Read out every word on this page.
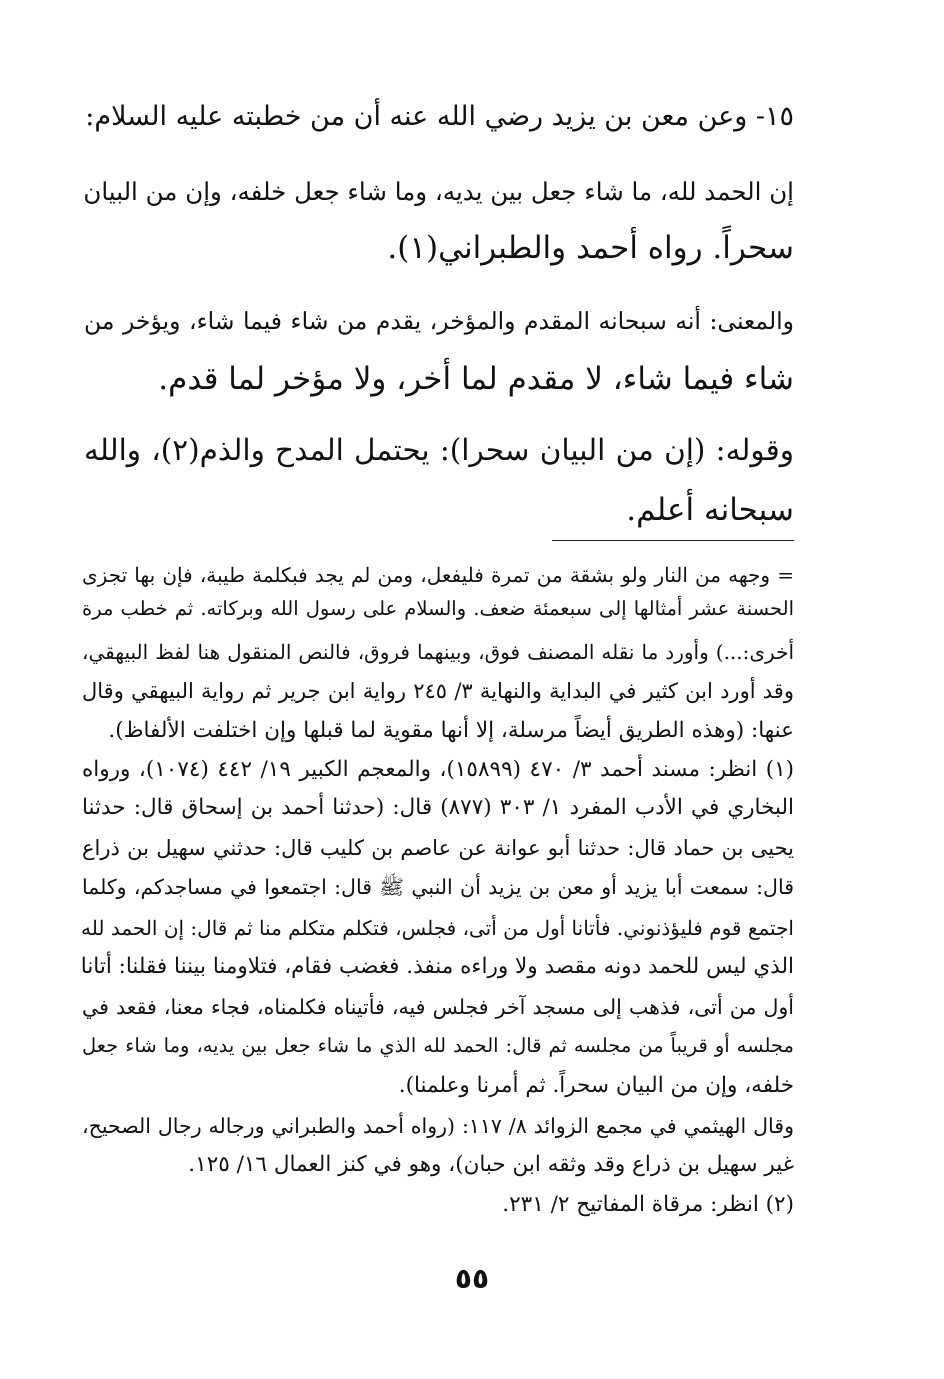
١٥- وعن معن بن يزيد رضي الله عنه أن من خطبته عليه السلام:
إن الحمد لله، ما شاء جعل بين يديه، وما شاء جعل خلفه، وإن من البيان
سحراً. رواه أحمد والطبراني(١).
والمعنى: أنه سبحانه المقدم والمؤخر، يقدم من شاء فيما شاء، ويؤخر من
شاء فيما شاء، لا مقدم لما أخر، ولا مؤخر لما قدم.
وقوله: (إن من البيان سحرا): يحتمل المدح والذم(٢)، والله
سبحانه أعلم.
= وجهه من النار ولو بشقة من تمرة فليفعل، ومن لم يجد فبكلمة طيبة، فإن بها تجزى
الحسنة عشر أمثالها إلى سبعمئة ضعف. والسلام على رسول الله وبركاته. ثم خطب مرة
أخرى:...) وأورد ما نقله المصنف فوق، وبينهما فروق، فالنص المنقول هنا لفظ البيهقي،
وقد أورد ابن كثير في البداية والنهاية ٣/ ٢٤٥ رواية ابن جرير ثم رواية البيهقي وقال
عنها: (وهذه الطريق أيضاً مرسلة، إلا أنها مقوية لما قبلها وإن اختلفت الألفاظ).
(١) انظر: مسند أحمد ٣/ ٤٧٠ (١٥٨٩٩)، والمعجم الكبير ١٩/ ٤٤٢ (١٠٧٤)، ورواه
البخاري في الأدب المفرد ١/ ٣٠٣ (٨٧٧) قال: (حدثنا أحمد بن إسحاق قال: حدثنا
يحيى بن حماد قال: حدثنا أبو عوانة عن عاصم بن كليب قال: حدثني سهيل بن ذراع
قال: سمعت أبا يزيد أو معن بن يزيد أن النبي ﷺ قال: اجتمعوا في مساجدكم، وكلما
اجتمع قوم فليؤذنوني. فأتانا أول من أتى، فجلس، فتكلم متكلم منا ثم قال: إن الحمد لله
الذي ليس للحمد دونه مقصد ولا وراءه منفذ. فغضب فقام، فتلاومنا بيننا فقلنا: أتانا
أول من أتى، فذهب إلى مسجد آخر فجلس فيه، فأتيناه فكلمناه، فجاء معنا، فقعد في
مجلسه أو قريباً من مجلسه ثم قال: الحمد لله الذي ما شاء جعل بين يديه، وما شاء جعل
خلفه، وإن من البيان سحراً. ثم أمرنا وعلمنا).
وقال الهيثمي في مجمع الزوائد ٨/ ١١٧: (رواه أحمد والطبراني ورجاله رجال الصحيح،
غير سهيل بن ذراع وقد وثقه ابن حبان)، وهو في كنز العمال ١٦/ ١٢٥.
(٢) انظر: مرقاة المفاتيح ٢/ ٢٣١.
٥٥
